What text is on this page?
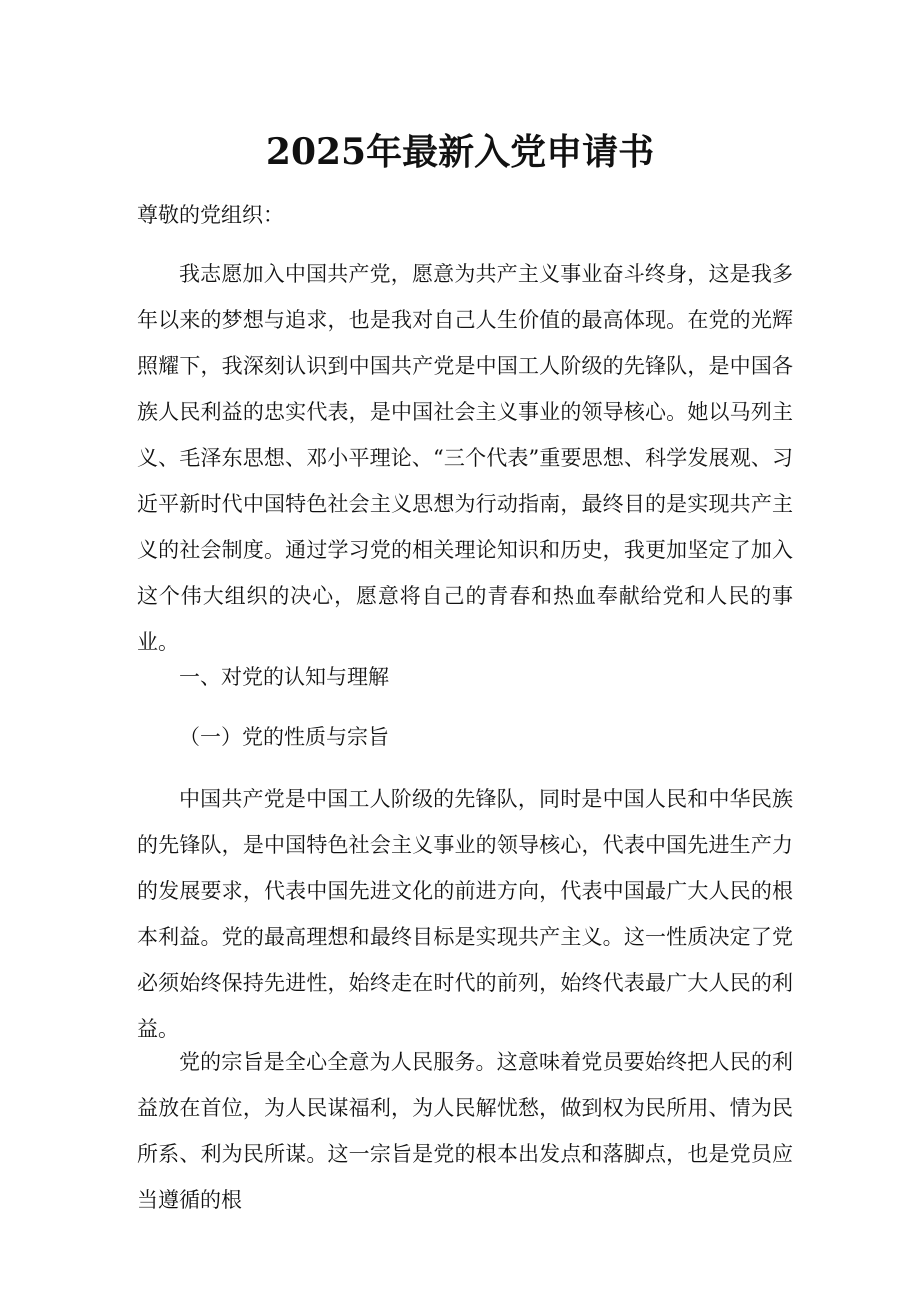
2025年最新入党申请书
尊敬的党组织：
我志愿加入中国共产党，愿意为共产主义事业奋斗终身，这是我多年以来的梦想与追求，也是我对自己人生价值的最高体现。在党的光辉照耀下，我深刻认识到中国共产党是中国工人阶级的先锋队，是中国各族人民利益的忠实代表，是中国社会主义事业的领导核心。她以马列主义、毛泽东思想、邓小平理论、“三个代表”重要思想、科学发展观、习近平新时代中国特色社会主义思想为行动指南，最终目的是实现共产主义的社会制度。通过学习党的相关理论知识和历史，我更加坚定了加入这个伟大组织的决心，愿意将自己的青春和热血奉献给党和人民的事业。
一、对党的认知与理解
（一）党的性质与宗旨
中国共产党是中国工人阶级的先锋队，同时是中国人民和中华民族的先锋队，是中国特色社会主义事业的领导核心，代表中国先进生产力的发展要求，代表中国先进文化的前进方向，代表中国最广大人民的根本利益。党的最高理想和最终目标是实现共产主义。这一性质决定了党必须始终保持先进性，始终走在时代的前列，始终代表最广大人民的利益。
党的宗旨是全心全意为人民服务。这意味着党员要始终把人民的利益放在首位，为人民谋福利，为人民解忧愁，做到权为民所用、情为民所系、利为民所谋。这一宗旨是党的根本出发点和落脚点，也是党员应当遵循的根
